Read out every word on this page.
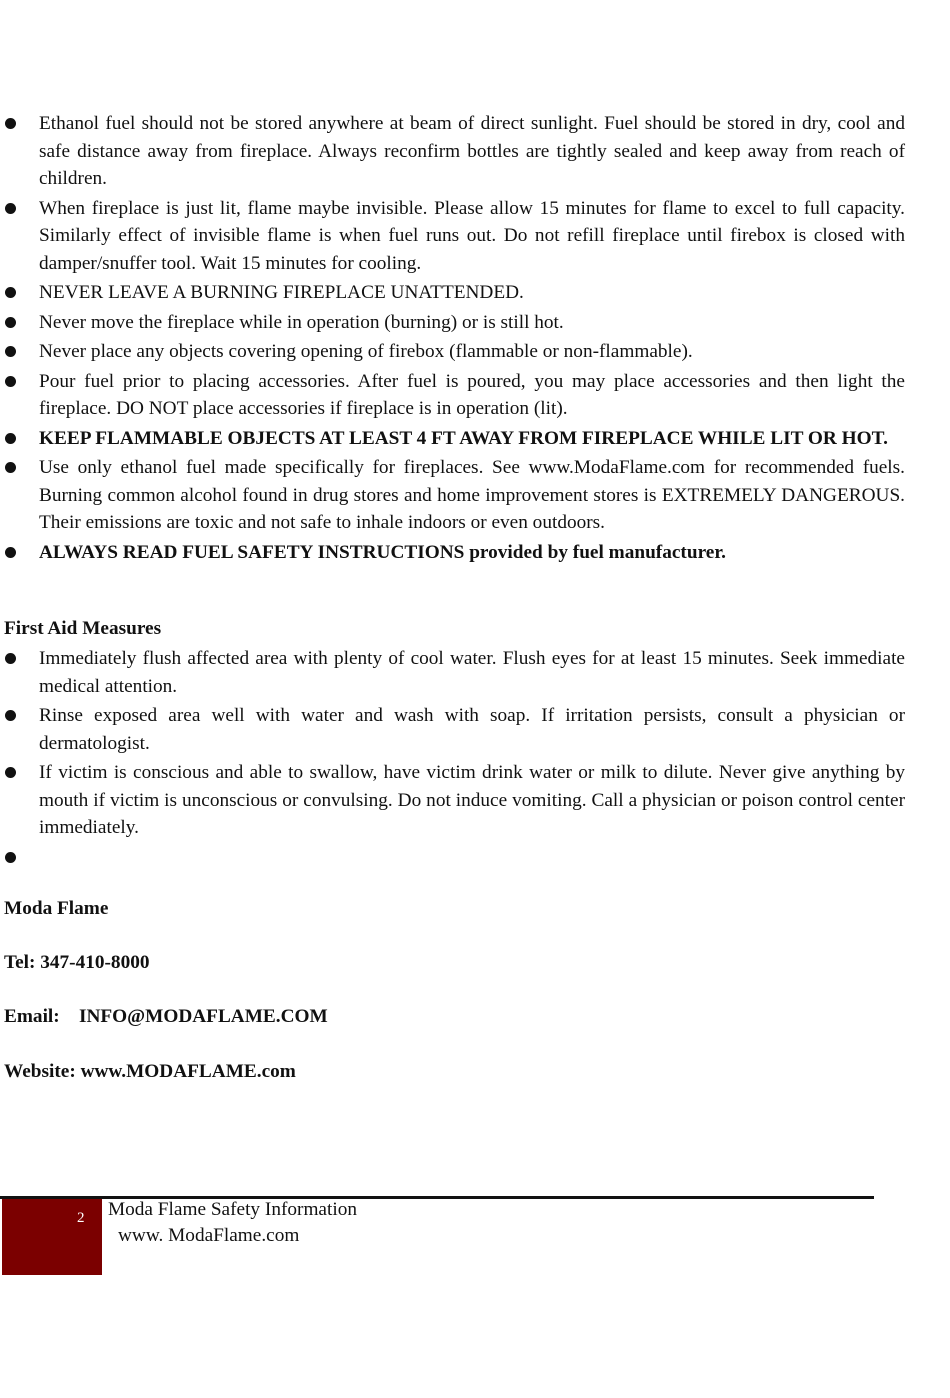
Ethanol fuel should not be stored anywhere at beam of direct sunlight. Fuel should be stored in dry, cool and safe distance away from fireplace. Always reconfirm bottles are tightly sealed and keep away from reach of children.
When fireplace is just lit, flame maybe invisible. Please allow 15 minutes for flame to excel to full capacity. Similarly effect of invisible flame is when fuel runs out. Do not refill fireplace until firebox is closed with damper/snuffer tool. Wait 15 minutes for cooling.
NEVER LEAVE A BURNING FIREPLACE UNATTENDED.
Never move the fireplace while in operation (burning) or is still hot.
Never place any objects covering opening of firebox (flammable or non-flammable).
Pour fuel prior to placing accessories. After fuel is poured, you may place accessories and then light the fireplace. DO NOT place accessories if fireplace is in operation (lit).
KEEP FLAMMABLE OBJECTS AT LEAST 4 FT AWAY FROM FIREPLACE WHILE LIT OR HOT.
Use only ethanol fuel made specifically for fireplaces. See www.ModaFlame.com for recommended fuels. Burning common alcohol found in drug stores and home improvement stores is EXTREMELY DANGEROUS. Their emissions are toxic and not safe to inhale indoors or even outdoors.
ALWAYS READ FUEL SAFETY INSTRUCTIONS provided by fuel manufacturer.
First Aid Measures
Immediately flush affected area with plenty of cool water. Flush eyes for at least 15 minutes. Seek immediate medical attention.
Rinse exposed area well with water and wash with soap. If irritation persists, consult a physician or dermatologist.
If victim is conscious and able to swallow, have victim drink water or milk to dilute. Never give anything by mouth if victim is unconscious or convulsing. Do not induce vomiting. Call a physician or poison control center immediately.

Moda Flame

Tel: 347-410-8000

Email:    INFO@MODAFLAME.COM

Website: www.MODAFLAME.com

2 Moda Flame Safety Information
www. ModaFlame.com
